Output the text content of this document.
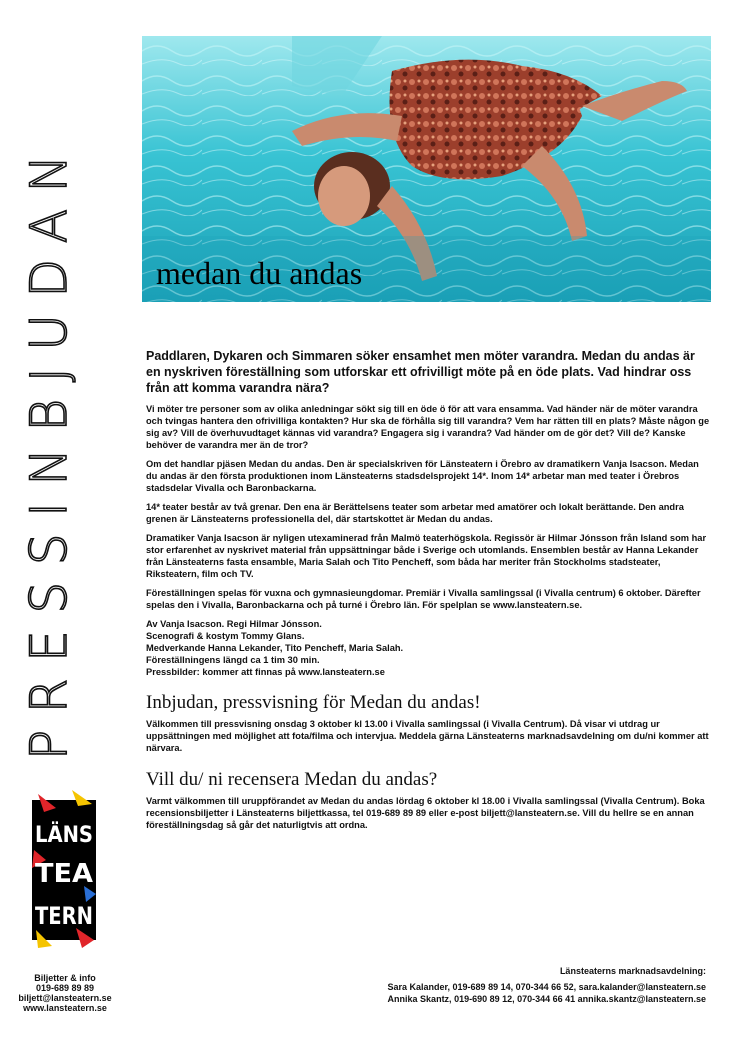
PRESSINBJUDAN
medan du andas

Paddlaren, Dykaren och Simmaren söker ensamhet men möter varandra. Medan du andas är en nyskriven föreställning som utforskar ett ofrivilligt möte på en öde plats. Vad hindrar oss från att komma varandra nära?

Vi möter tre personer som av olika anledningar sökt sig till en öde ö för att vara ensamma. Vad händer när de möter varandra och tvingas hantera den ofrivilliga kontakten? Hur ska de förhålla sig till varandra? Vem har rätten till en plats? Måste någon ge sig av? Vill de överhuvudtaget kännas vid varandra? Engagera sig i varandra? Vad händer om de gör det? Vill de? Kanske behöver de varandra mer än de tror?

Om det handlar pjäsen Medan du andas. Den är specialskriven för Länsteatern i Örebro av dramatikern Vanja Isacson. Medan du andas är den första produktionen inom Länsteaterns stadsdelsprojekt 14*. Inom 14* arbetar man med teater i Örebros stadsdelar Vivalla och Baronbackarna.

14* teater består av två grenar. Den ena är Berättelsens teater som arbetar med amatörer och lokalt berättande. Den andra grenen är Länsteaterns professionella del, där startskottet är Medan du andas.

Dramatiker Vanja Isacson är nyligen utexaminerad från Malmö teaterhögskola. Regissör är Hilmar Jónsson från Island som har stor erfarenhet av nyskrivet material från uppsättningar både i Sverige och utomlands. Ensemblen består av Hanna Lekander från Länsteaterns fasta ensamble, Maria Salah och Tito Pencheff, som båda har meriter från Stockholms stadsteater, Riksteatern, film och TV.

Föreställningen spelas för vuxna och gymnasieungdomar. Premiär i Vivalla samlingssal (i Vivalla centrum) 6 oktober. Därefter spelas den i Vivalla, Baronbackarna och på turné i Örebro län. För spelplan se www.lansteatern.se.

Av Vanja Isacson. Regi Hilmar Jónsson.

Scenografi & kostym Tommy Glans.

Medverkande Hanna Lekander, Tito Pencheff, Maria Salah.

Föreställningens längd ca 1 tim 30 min.

Pressbilder: kommer att finnas på www.lansteatern.se

Inbjudan, pressvisning för Medan du andas!

Välkommen till pressvisning onsdag 3 oktober kl 13.00 i Vivalla samlingssal (i Vivalla Centrum). Då visar vi utdrag ur uppsättningen med möjlighet att fota/filma och intervjua. Meddela gärna Länsteaterns marknadsavdelning om du/ni kommer att närvara.

Vill du/ ni recensera Medan du andas?

Varmt välkommen till uruppförandet av Medan du andas lördag 6 oktober kl 18.00 i Vivalla samlingssal (Vivalla Centrum). Boka recensionsbiljetter i Länsteaterns biljettkassa, tel 019-689 89 89 eller e-post biljett@lansteatern.se. Vill du hellre se en annan föreställningsdag så går det naturligtvis att ordna.

LÄNS
TEA
TERN
Biljetter & info
019-689 89 89
biljett@lansteatern.se
www.lansteatern.se
Länsteaterns marknadsavdelning:
Sara Kalander, 019-689 89 14, 070-344 66 52, sara.kalander@lansteatern.se
Annika Skantz, 019-690 89 12, 070-344 66 41 annika.skantz@lansteatern.se
